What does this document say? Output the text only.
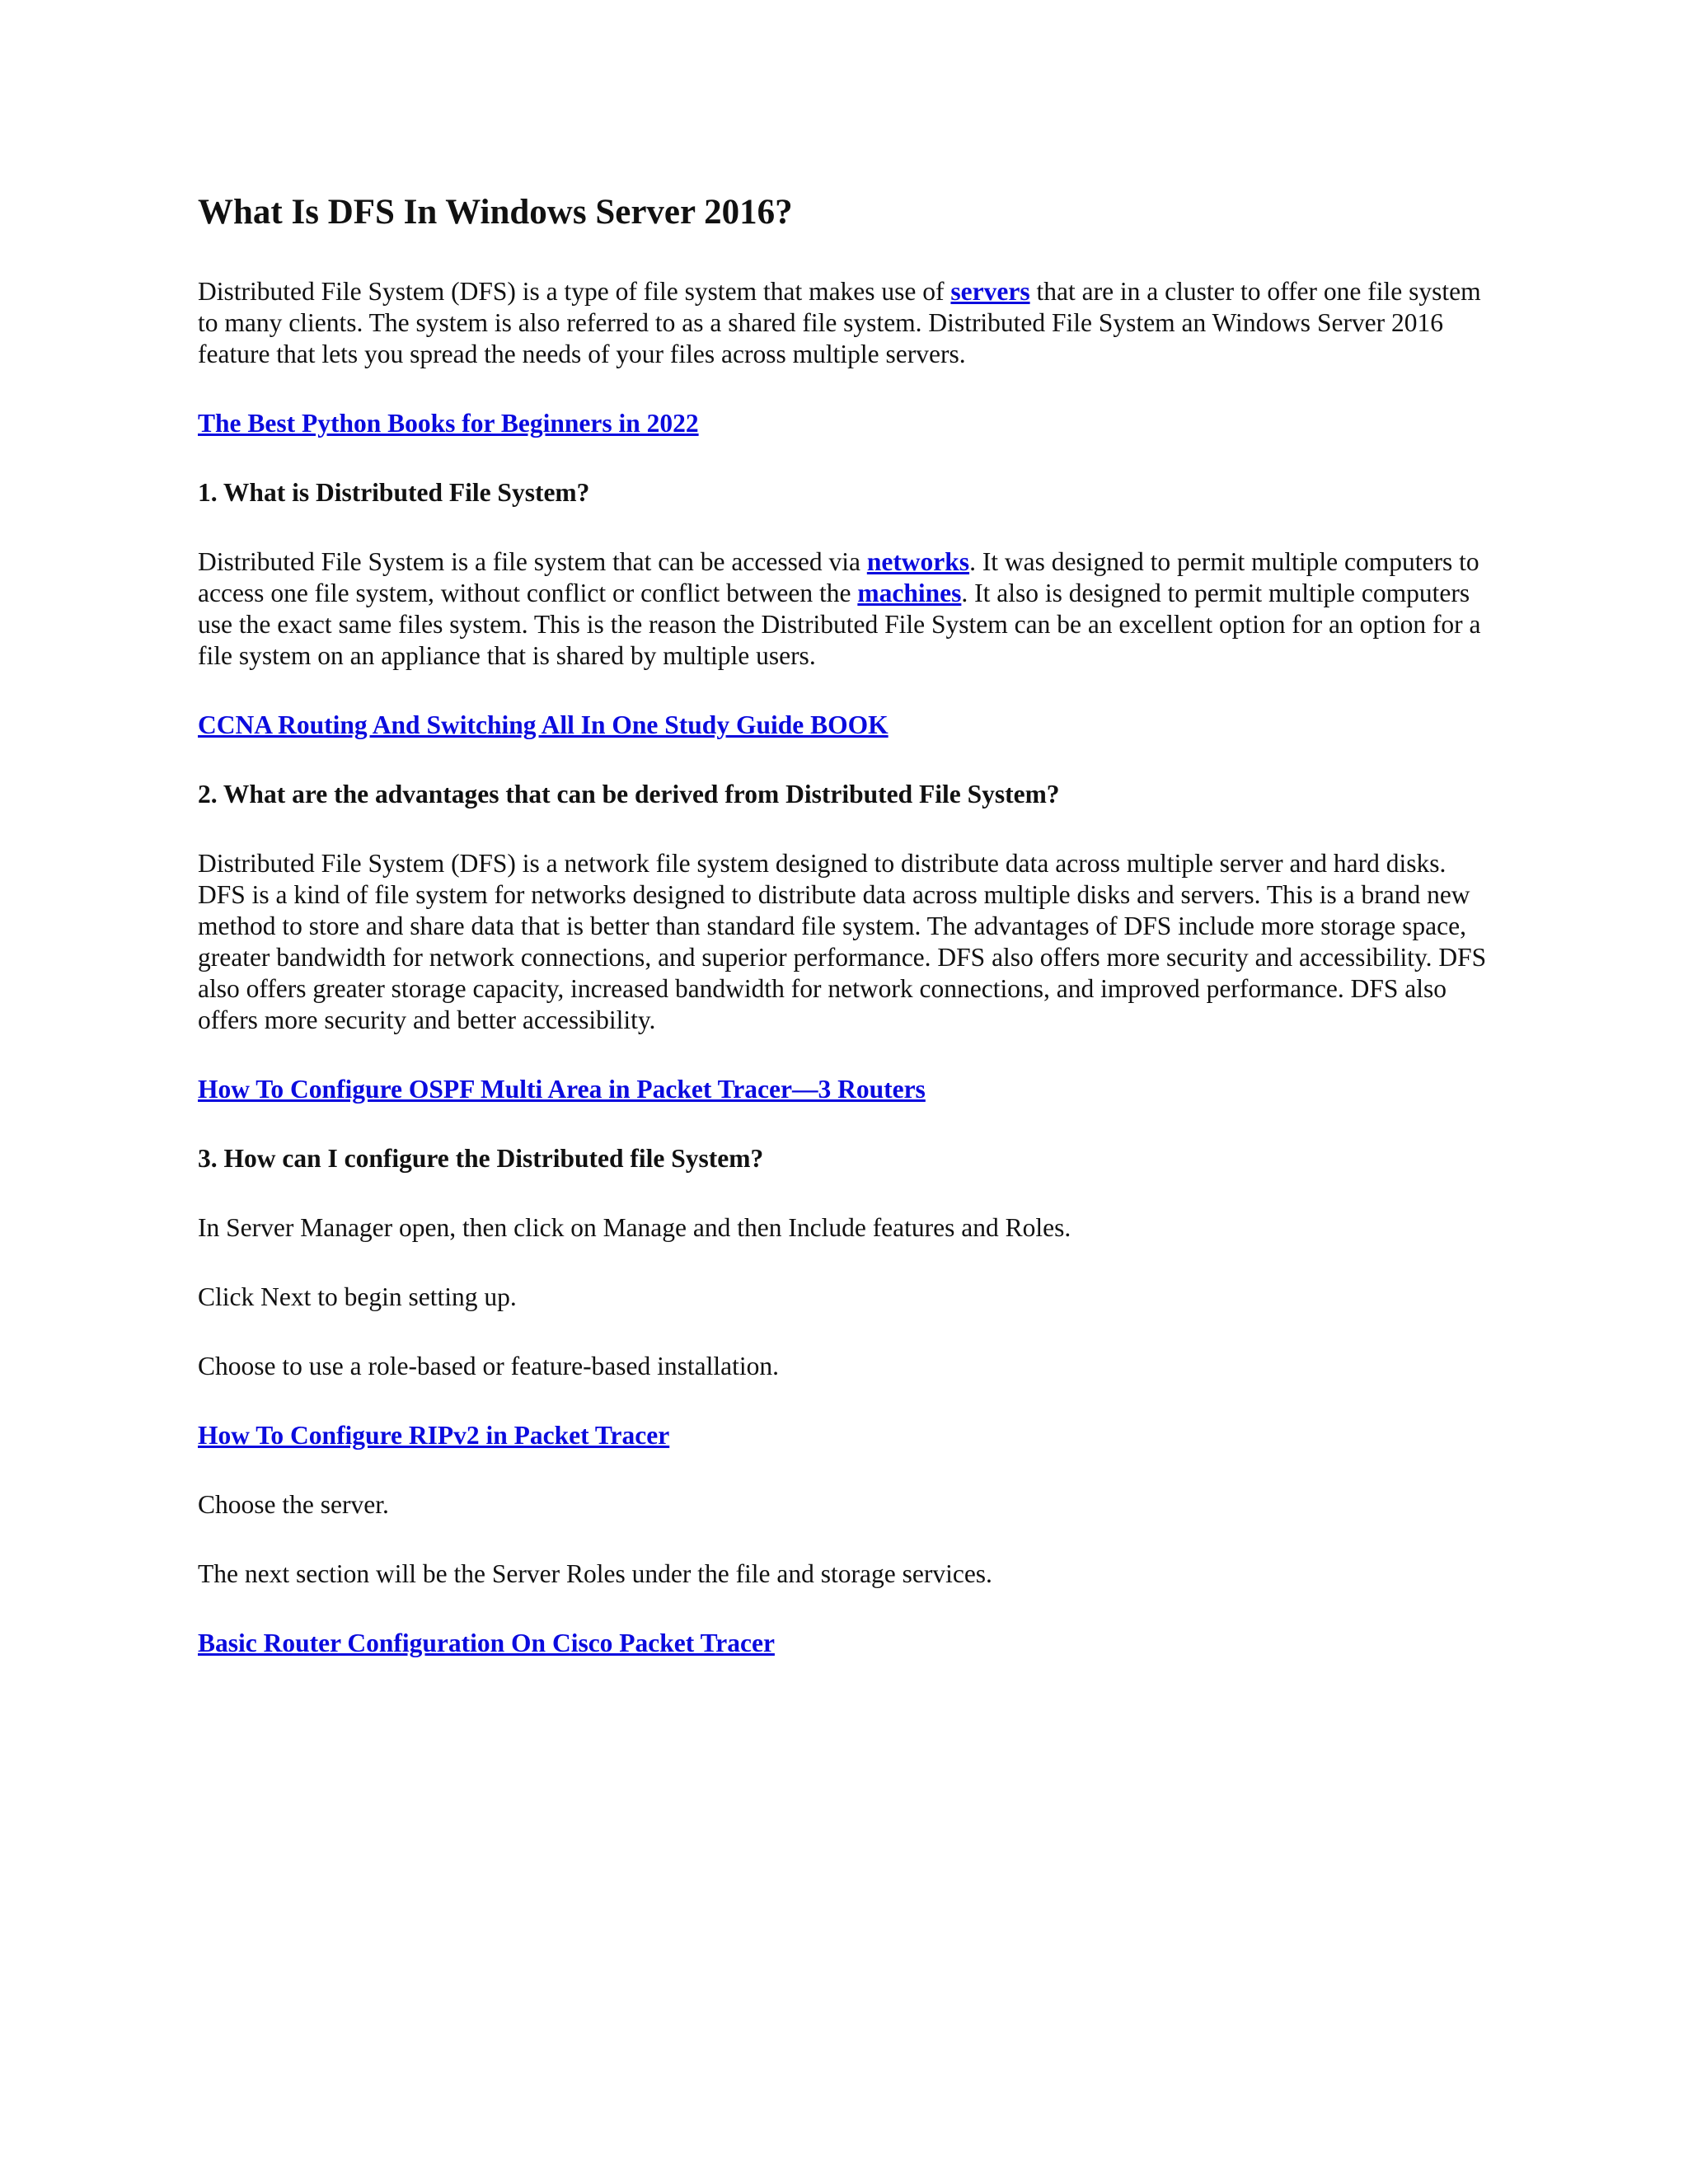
What Is DFS In Windows Server 2016?

Distributed File System (DFS) is a type of file system that makes use of servers that are in a cluster to offer one file system to many clients. The system is also referred to as a shared file system. Distributed File System an Windows Server 2016 feature that lets you spread the needs of your files across multiple servers.

The Best Python Books for Beginners in 2022

1. What is Distributed File System?

Distributed File System is a file system that can be accessed via networks. It was designed to permit multiple computers to access one file system, without conflict or conflict between the machines. It also is designed to permit multiple computers use the exact same files system. This is the reason the Distributed File System can be an excellent option for an option for a file system on an appliance that is shared by multiple users.

CCNA Routing And Switching All In One Study Guide BOOK

2. What are the advantages that can be derived from Distributed File System?

Distributed File System (DFS) is a network file system designed to distribute data across multiple server and hard disks. DFS is a kind of file system for networks designed to distribute data across multiple disks and servers. This is a brand new method to store and share data that is better than standard file system. The advantages of DFS include more storage space, greater bandwidth for network connections, and superior performance. DFS also offers more security and accessibility. DFS also offers greater storage capacity, increased bandwidth for network connections, and improved performance. DFS also offers more security and better accessibility.

How To Configure OSPF Multi Area in Packet Tracer—3 Routers

3. How can I configure the Distributed file System?

In Server Manager open, then click on Manage and then Include features and Roles.

Click Next to begin setting up.

Choose to use a role-based or feature-based installation.

How To Configure RIPv2 in Packet Tracer

Choose the server.

The next section will be the Server Roles under the file and storage services.

Basic Router Configuration On Cisco Packet Tracer
